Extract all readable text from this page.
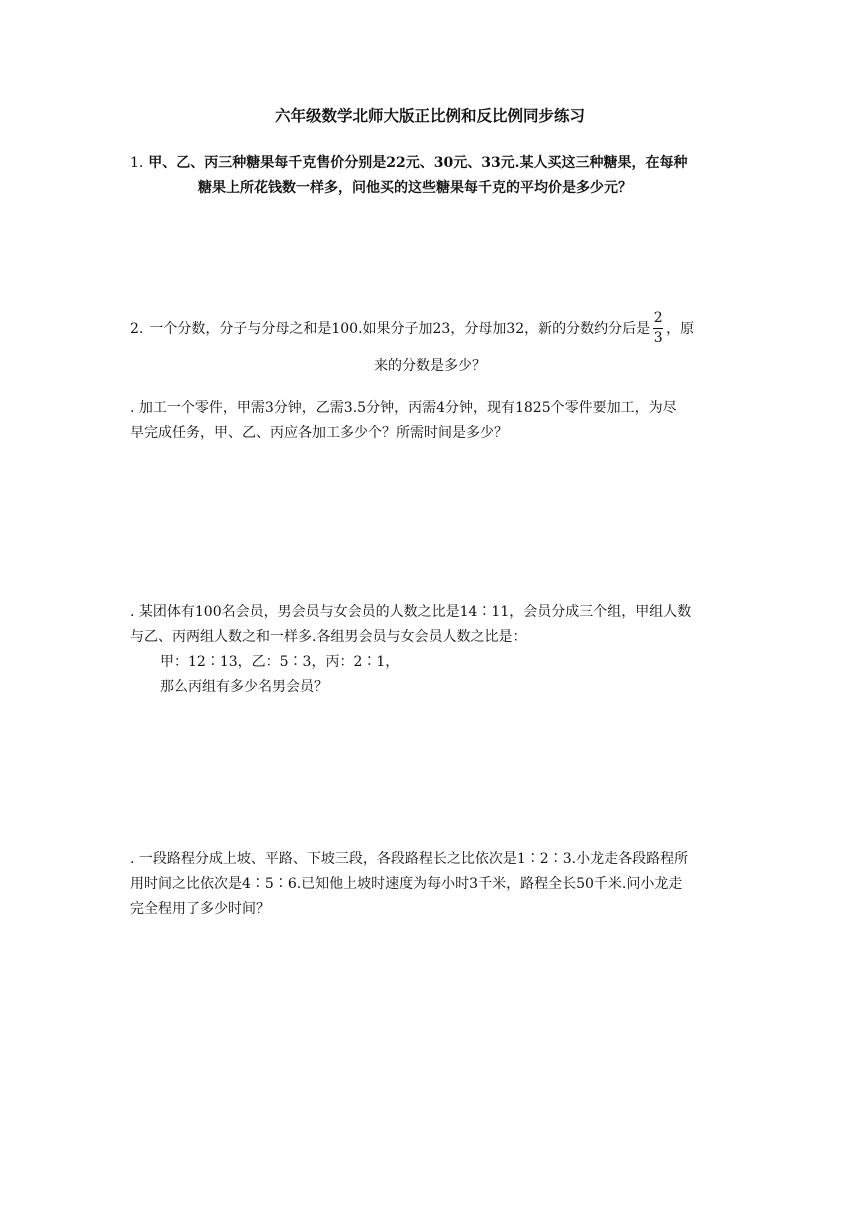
六年级数学北师大版正比例和反比例同步练习
1. 甲、乙、丙三种糖果每千克售价分别是22元、30元、33元.某人买这三种糖果，在每种
糖果上所花钱数一样多，问他买的这些糖果每千克的平均价是多少元？
2. 一个分数，分子与分母之和是100.如果分子加23，分母加32，新的分数约分后是 $\frac{2}{3}$ ，原
来的分数是多少？
. 加工一个零件，甲需3分钟，乙需3.5分钟，丙需4分钟，现有1825个零件要加工，为尽
早完成任务，甲、乙、丙应各加工多少个？所需时间是多少？
. 某团体有100名会员，男会员与女会员的人数之比是14∶11，会员分成三个组，甲组人数
与乙、丙两组人数之和一样多.各组男会员与女会员人数之比是：

甲：12∶13，乙：5∶3，丙：2∶1，
那么丙组有多少名男会员？
. 一段路程分成上坡、平路、下坡三段，各段路程长之比依次是1∶2∶3.小龙走各段路程所
用时间之比依次是4∶5∶6.已知他上坡时速度为每小时3千米，路程全长50千米.问小龙走
完全程用了多少时间？
